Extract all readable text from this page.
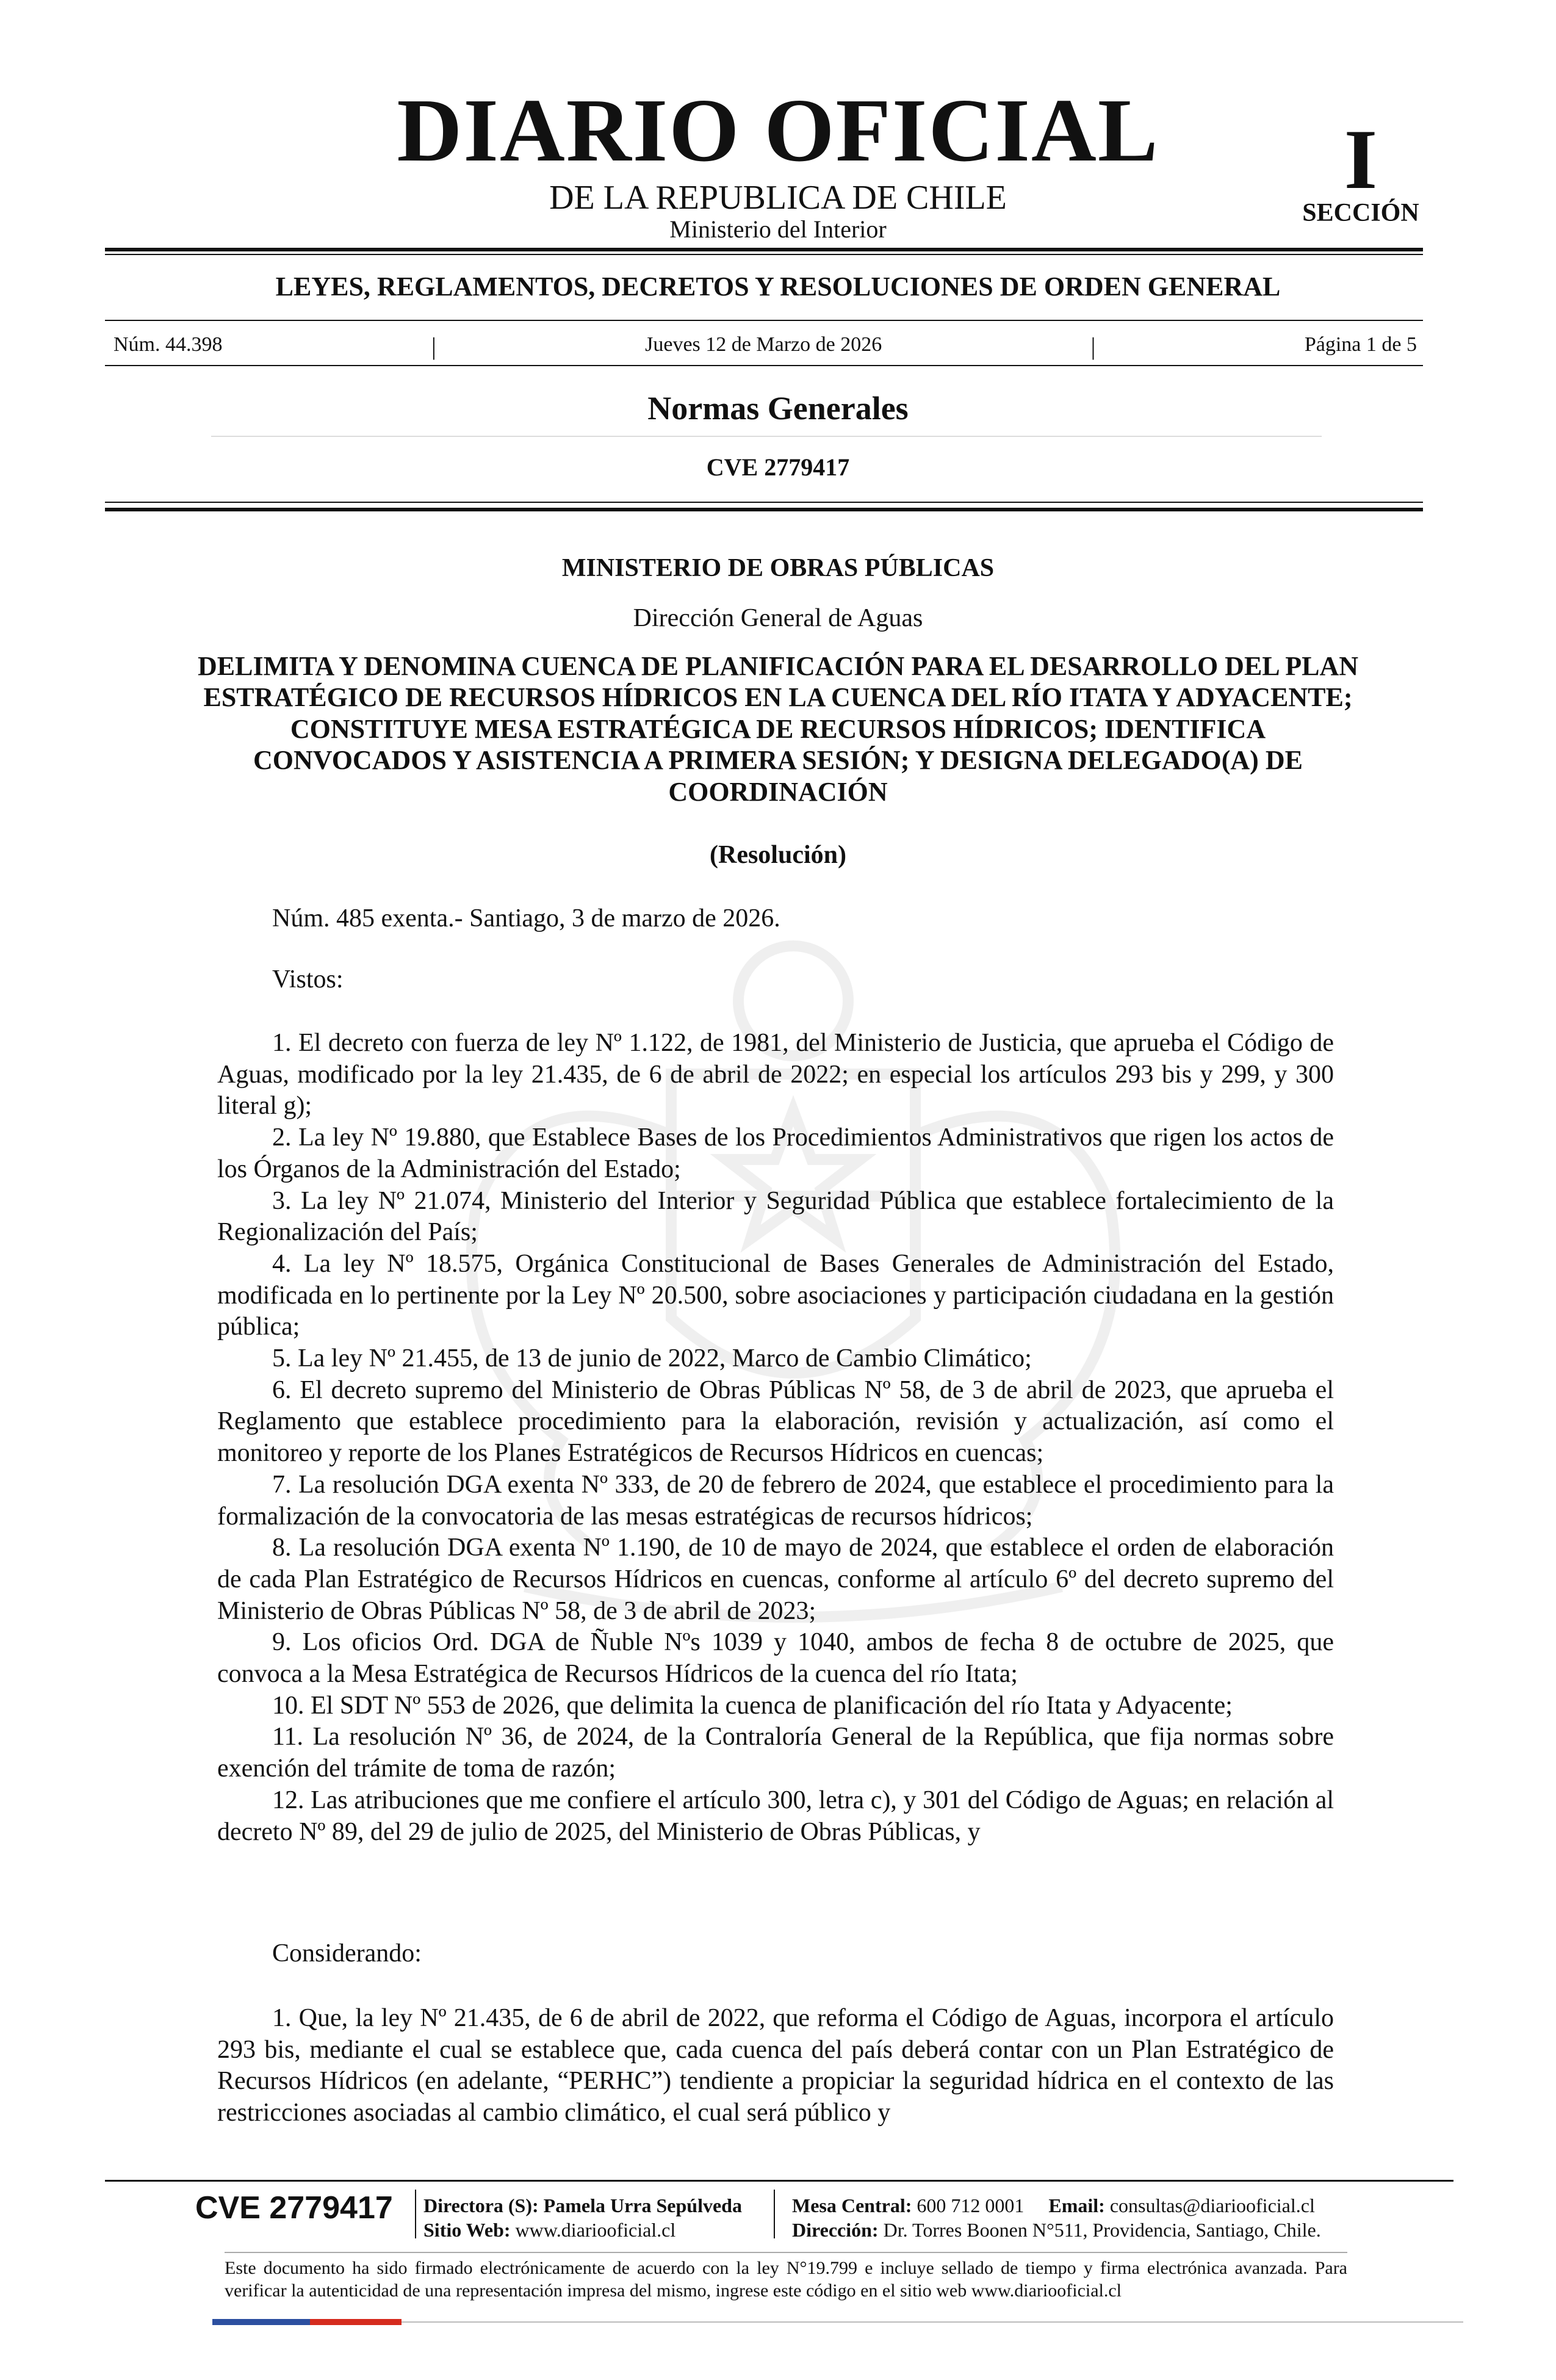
DIARIO OFICIAL
DE LA REPUBLICA DE CHILE
Ministerio del Interior
I
SECCIÓN
LEYES, REGLAMENTOS, DECRETOS Y RESOLUCIONES DE ORDEN GENERAL
Núm. 44.398	|	Jueves 12 de Marzo de 2026	|	Página 1 de 5
Normas Generales
CVE 2779417
MINISTERIO DE OBRAS PÚBLICAS
Dirección General de Aguas
DELIMITA Y DENOMINA CUENCA DE PLANIFICACIÓN PARA EL DESARROLLO DEL PLAN ESTRATÉGICO DE RECURSOS HÍDRICOS EN LA CUENCA DEL RÍO ITATA Y ADYACENTE; CONSTITUYE MESA ESTRATÉGICA DE RECURSOS HÍDRICOS; IDENTIFICA CONVOCADOS Y ASISTENCIA A PRIMERA SESIÓN; Y DESIGNA DELEGADO(A) DE COORDINACIÓN
(Resolución)
Núm. 485 exenta.- Santiago, 3 de marzo de 2026.
Vistos:
1. El decreto con fuerza de ley Nº 1.122, de 1981, del Ministerio de Justicia, que aprueba el Código de Aguas, modificado por la ley 21.435, de 6 de abril de 2022; en especial los artículos 293 bis y 299, y 300 literal g);
2. La ley Nº 19.880, que Establece Bases de los Procedimientos Administrativos que rigen los actos de los Órganos de la Administración del Estado;
3. La ley Nº 21.074, Ministerio del Interior y Seguridad Pública que establece fortalecimiento de la Regionalización del País;
4. La ley Nº 18.575, Orgánica Constitucional de Bases Generales de Administración del Estado, modificada en lo pertinente por la Ley Nº 20.500, sobre asociaciones y participación ciudadana en la gestión pública;
5. La ley Nº 21.455, de 13 de junio de 2022, Marco de Cambio Climático;
6. El decreto supremo del Ministerio de Obras Públicas Nº 58, de 3 de abril de 2023, que aprueba el Reglamento que establece procedimiento para la elaboración, revisión y actualización, así como el monitoreo y reporte de los Planes Estratégicos de Recursos Hídricos en cuencas;
7. La resolución DGA exenta Nº 333, de 20 de febrero de 2024, que establece el procedimiento para la formalización de la convocatoria de las mesas estratégicas de recursos hídricos;
8. La resolución DGA exenta Nº 1.190, de 10 de mayo de 2024, que establece el orden de elaboración de cada Plan Estratégico de Recursos Hídricos en cuencas, conforme al artículo 6º del decreto supremo del Ministerio de Obras Públicas Nº 58, de 3 de abril de 2023;
9. Los oficios Ord. DGA de Ñuble Nºs 1039 y 1040, ambos de fecha 8 de octubre de 2025, que convoca a la Mesa Estratégica de Recursos Hídricos de la cuenca del río Itata;
10. El SDT Nº 553 de 2026, que delimita la cuenca de planificación del río Itata y Adyacente;
11. La resolución Nº 36, de 2024, de la Contraloría General de la República, que fija normas sobre exención del trámite de toma de razón;
12. Las atribuciones que me confiere el artículo 300, letra c), y 301 del Código de Aguas; en relación al decreto Nº 89, del 29 de julio de 2025, del Ministerio de Obras Públicas, y
Considerando:
1. Que, la ley Nº 21.435, de 6 de abril de 2022, que reforma el Código de Aguas, incorpora el artículo 293 bis, mediante el cual se establece que, cada cuenca del país deberá contar con un Plan Estratégico de Recursos Hídricos (en adelante, “PERHC”) tendiente a propiciar la seguridad hídrica en el contexto de las restricciones asociadas al cambio climático, el cual será público y
CVE 2779417 Directora (S): Pamela Urra Sepúlveda
Sitio Web: www.diariooficial.cl
Mesa Central: 600 712 0001 Email: consultas@diariooficial.cl
Dirección: Dr. Torres Boonen N°511, Providencia, Santiago, Chile.
Este documento ha sido firmado electrónicamente de acuerdo con la ley N°19.799 e incluye sellado de tiempo y firma electrónica avanzada. Para verificar la autenticidad de una representación impresa del mismo, ingrese este código en el sitio web www.diariooficial.cl
